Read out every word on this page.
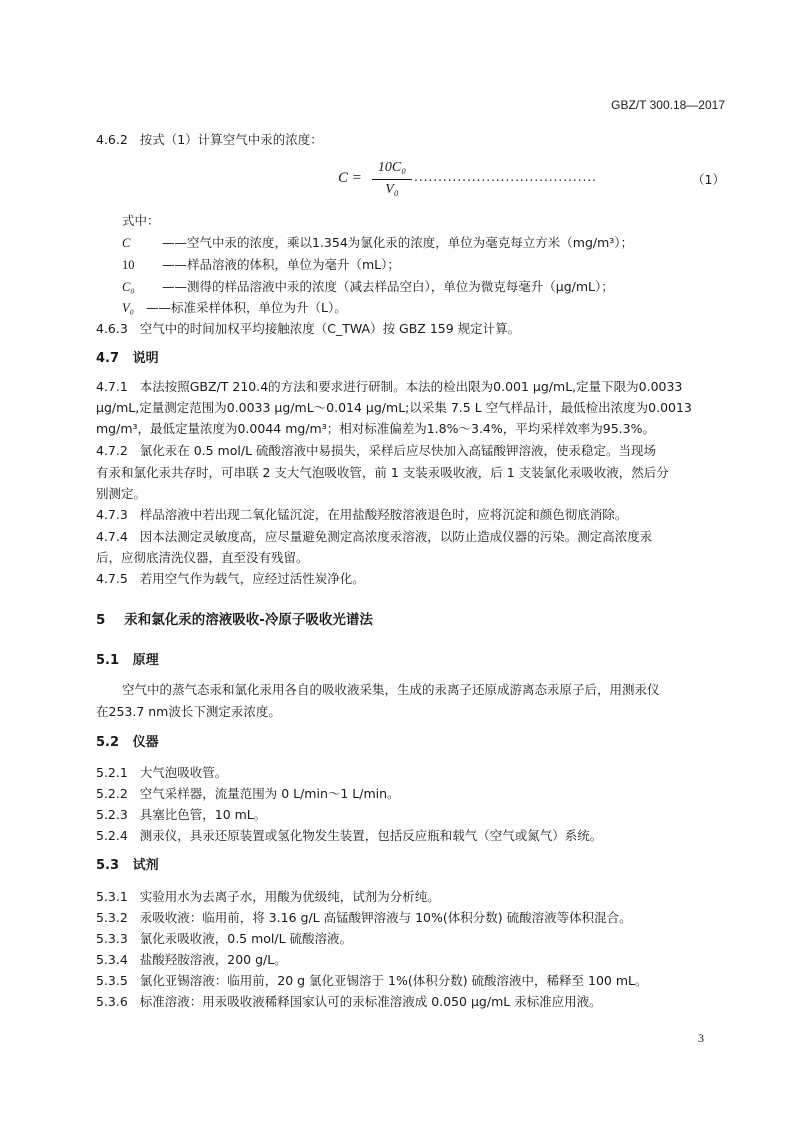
GBZ/T 300.18—2017
4.6.2 按式（1）计算空气中汞的浓度：
C =
10C₀
V₀
......................................	（1）
式中：
C	——空气中汞的浓度，乘以1.354为氯化汞的浓度，单位为毫克每立方米（mg/m³）；
10 ——样品溶液的体积，单位为毫升（mL）；
C₀ ——测得的样品溶液中汞的浓度（减去样品空白），单位为微克每毫升（μg/mL）；
V₀ ——标准采样体积，单位为升（L）。
4.6.3 空气中的时间加权平均接触浓度（C_TWA）按 GBZ 159 规定计算。
4.7 说明
4.7.1 本法按照GBZ/T 210.4的方法和要求进行研制。本法的检出限为0.001 μg/mL,定量下限为0.0033
μg/mL,定量测定范围为0.0033 μg/mL～0.014 μg/mL;以采集 7.5 L 空气样品计，最低检出浓度为0.0013
mg/m³，最低定量浓度为0.0044 mg/m³；相对标准偏差为1.8%～3.4%，平均采样效率为95.3%。
4.7.2 氯化汞在 0.5 mol/L 硫酸溶液中易损失，采样后应尽快加入高锰酸钾溶液，使汞稳定。当现场
有汞和氯化汞共存时，可串联 2 支大气泡吸收管，前 1 支装汞吸收液，后 1 支装氯化汞吸收液，然后分
别测定。
4.7.3 样品溶液中若出现二氧化锰沉淀，在用盐酸羟胺溶液退色时，应将沉淀和颜色彻底消除。
4.7.4 因本法测定灵敏度高，应尽量避免测定高浓度汞溶液，以防止造成仪器的污染。测定高浓度汞
后，应彻底清洗仪器，直至没有残留。
4.7.5 若用空气作为载气，应经过活性炭净化。
5 汞和氯化汞的溶液吸收-冷原子吸收光谱法
5.1 原理
空气中的蒸气态汞和氯化汞用各自的吸收液采集，生成的汞离子还原成游离态汞原子后，用测汞仪
在253.7 nm波长下测定汞浓度。
5.2 仪器
5.2.1 大气泡吸收管。
5.2.2 空气采样器，流量范围为 0 L/min～1 L/min。
5.2.3 具塞比色管，10 mL。
5.2.4 测汞仪，具汞还原装置或氢化物发生装置，包括反应瓶和载气（空气或氮气）系统。
5.3 试剂
5.3.1 实验用水为去离子水，用酸为优级纯，试剂为分析纯。
5.3.2 汞吸收液：临用前，将 3.16 g/L 高锰酸钾溶液与 10%(体积分数) 硫酸溶液等体积混合。
5.3.3 氯化汞吸收液，0.5 mol/L 硫酸溶液。
5.3.4 盐酸羟胺溶液，200 g/L。
5.3.5 氯化亚锡溶液：临用前，20 g 氯化亚锡溶于 1%(体积分数) 硫酸溶液中，稀释至 100 mL。
5.3.6 标准溶液：用汞吸收液稀释国家认可的汞标准溶液成 0.050 μg/mL 汞标准应用液。
3
